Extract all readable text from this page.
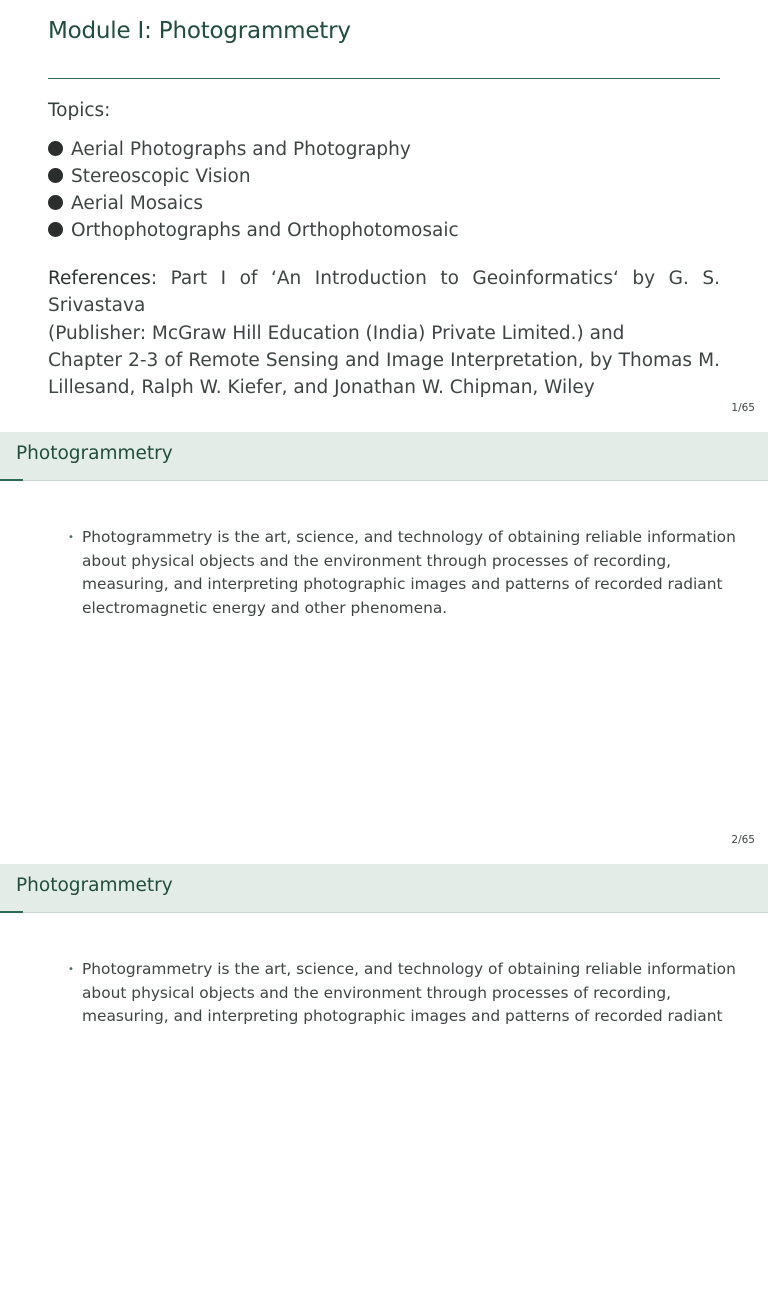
Module I: Photogrammetry
Topics:
Aerial Photographs and Photography
Stereoscopic Vision
Aerial Mosaics
Orthophotographs and Orthophotomosaic
References: Part I of ‘An Introduction to Geoinformatics‘ by G. S. Srivastava
(Publisher: McGraw Hill Education (India) Private Limited.) and
Chapter 2-3 of Remote Sensing and Image Interpretation, by Thomas M.
Lillesand, Ralph W. Kiefer, and Jonathan W. Chipman, Wiley
1/65
Photogrammetry
• Photogrammetry is the art, science, and technology of obtaining reliable information
about physical objects and the environment through processes of recording,
measuring, and interpreting photographic images and patterns of recorded radiant
electromagnetic energy and other phenomena.
2/65
Photogrammetry
• Photogrammetry is the art, science, and technology of obtaining reliable information
about physical objects and the environment through processes of recording,
measuring, and interpreting photographic images and patterns of recorded radiant
